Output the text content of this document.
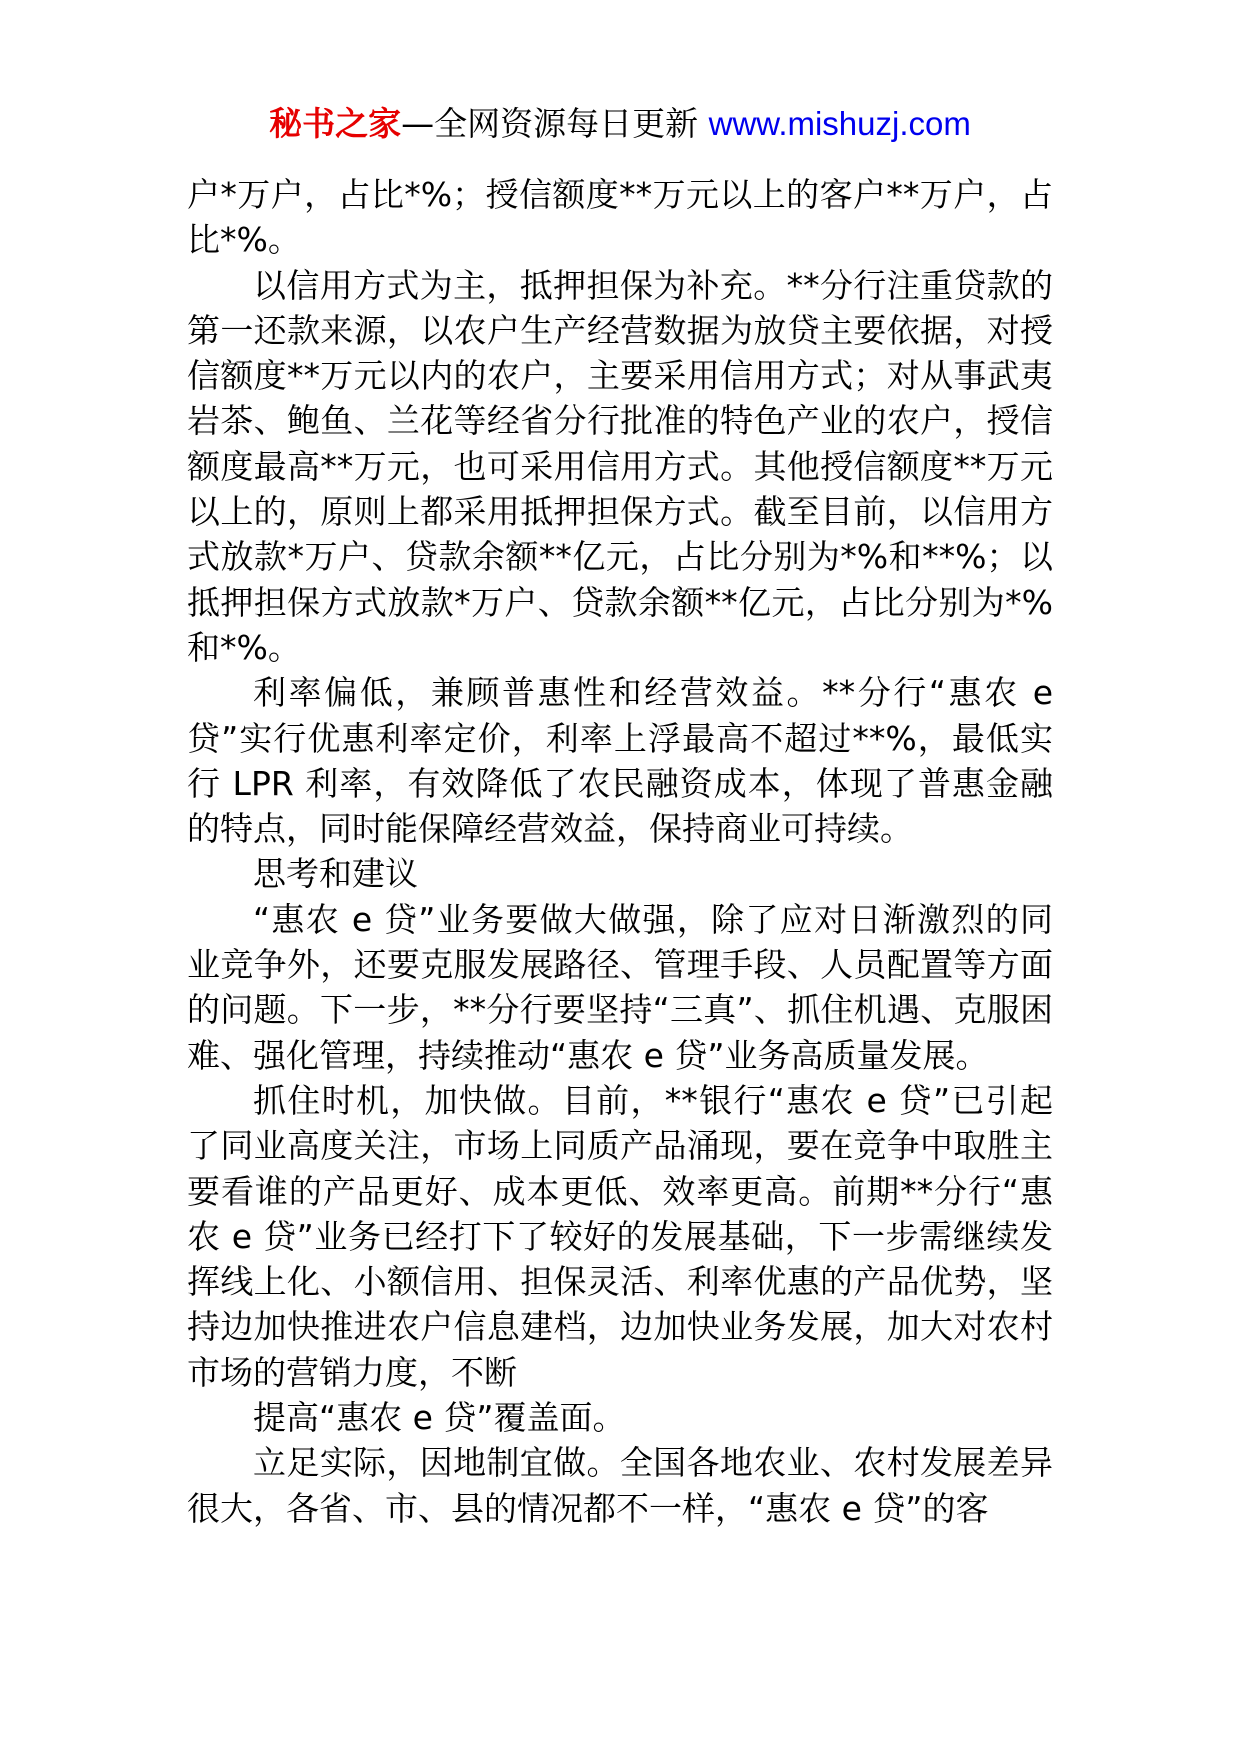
秘书之家—全网资源每日更新 www.mishuzj.com

户*万户，占比*%；授信额度**万元以上的客户**万户，占比*%。

以信用方式为主，抵押担保为补充。**分行注重贷款的第一还款来源，以农户生产经营数据为放贷主要依据，对授信额度**万元以内的农户，主要采用信用方式；对从事武夷岩茶、鲍鱼、兰花等经省分行批准的特色产业的农户，授信额度最高**万元，也可采用信用方式。其他授信额度**万元以上的，原则上都采用抵押担保方式。截至目前，以信用方式放款*万户、贷款余额**亿元，占比分别为*%和**%；以抵押担保方式放款*万户、贷款余额**亿元，占比分别为*%和*%。

利率偏低，兼顾普惠性和经营效益。**分行“惠农 e 贷”实行优惠利率定价，利率上浮最高不超过**%，最低实行 LPR 利率，有效降低了农民融资成本，体现了普惠金融的特点，同时能保障经营效益，保持商业可持续。

思考和建议

“惠农 e 贷”业务要做大做强，除了应对日渐激烈的同业竞争外，还要克服发展路径、管理手段、人员配置等方面的问题。下一步，**分行要坚持“三真”、抓住机遇、克服困难、强化管理，持续推动“惠农 e 贷”业务高质量发展。

抓住时机，加快做。目前，**银行“惠农 e 贷”已引起了同业高度关注，市场上同质产品涌现，要在竞争中取胜主要看谁的产品更好、成本更低、效率更高。前期**分行“惠农 e 贷”业务已经打下了较好的发展基础，下一步需继续发挥线上化、小额信用、担保灵活、利率优惠的产品优势，坚持边加快推进农户信息建档，边加快业务发展，加大对农村市场的营销力度，不断

提高“惠农 e 贷”覆盖面。

立足实际，因地制宜做。全国各地农业、农村发展差异很大，各省、市、县的情况都不一样，“惠农 e 贷”的客
